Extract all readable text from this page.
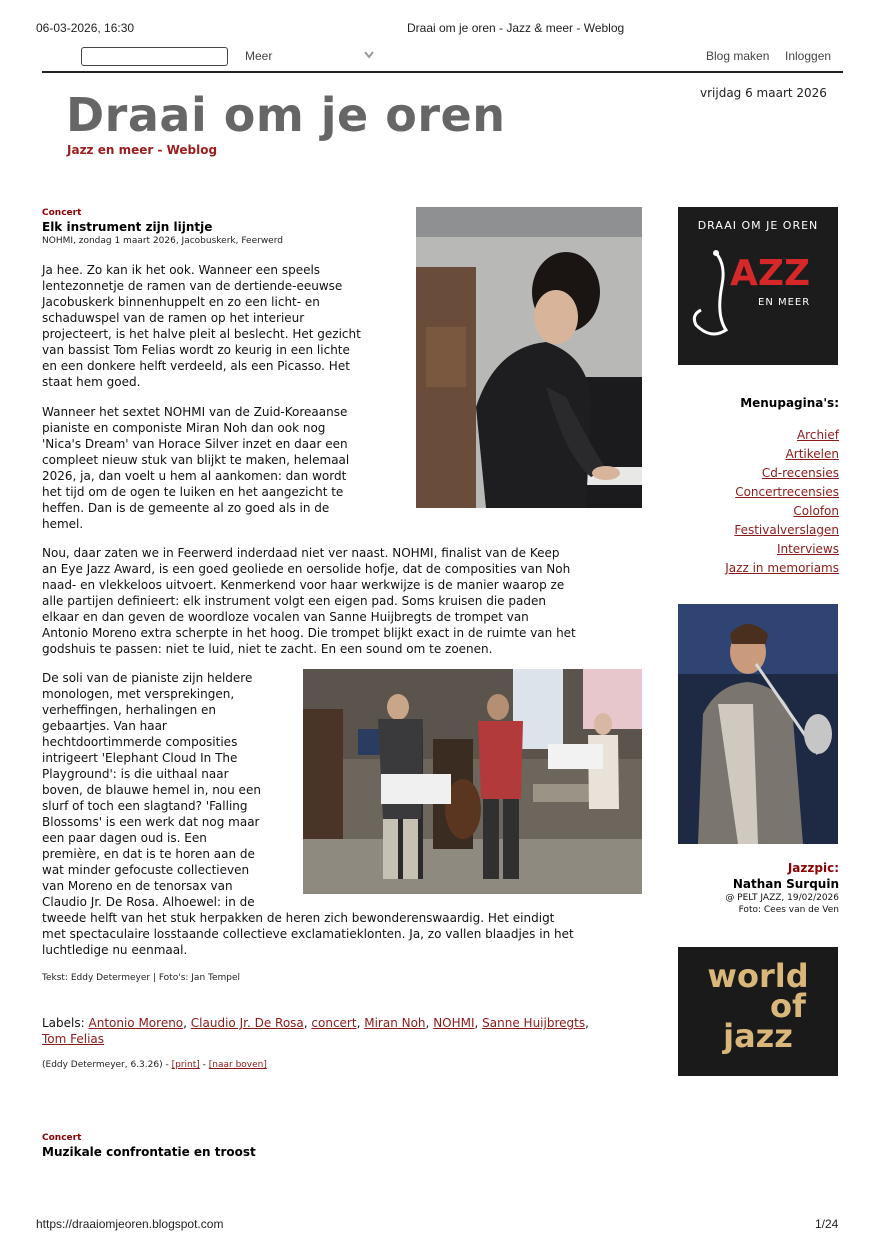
06-03-2026, 16:30	Draai om je oren - Jazz & meer - Weblog
Meer	Blog maken Inloggen
vrijdag 6 maart 2026
Draai om je oren
Jazz en meer - Weblog
Concert
Elk instrument zijn lijntje
NOHMI, zondag 1 maart 2026, Jacobuskerk, Feerwerd
Ja hee. Zo kan ik het ook. Wanneer een speels
lentezonnetje de ramen van de dertiende-eeuwse
Jacobuskerk binnenhuppelt en zo een licht- en
schaduwspel van de ramen op het interieur
projecteert, is het halve pleit al beslecht. Het gezicht
van bassist Tom Felias wordt zo keurig in een lichte
en een donkere helft verdeeld, als een Picasso. Het
staat hem goed.
Wanneer het sextet NOHMI van de Zuid-Koreaanse
pianiste en componiste Miran Noh dan ook nog
'Nica's Dream' van Horace Silver inzet en daar een
compleet nieuw stuk van blijkt te maken, helemaal
2026, ja, dan voelt u hem al aankomen: dan wordt
het tijd om de ogen te luiken en het aangezicht te
heffen. Dan is de gemeente al zo goed als in de
hemel.
Nou, daar zaten we in Feerwerd inderdaad niet ver naast. NOHMI, finalist van de Keep
an Eye Jazz Award, is een goed geoliede en oersolide hofje, dat de composities van Noh
naad- en vlekkeloos uitvoert. Kenmerkend voor haar werkwijze is de manier waarop ze
alle partijen definieert: elk instrument volgt een eigen pad. Soms kruisen die paden
elkaar en dan geven de woordloze vocalen van Sanne Huijbregts de trompet van
Antonio Moreno extra scherpte in het hoog. Die trompet blijkt exact in de ruimte van het
godshuis te passen: niet te luid, niet te zacht. En een sound om te zoenen.
De soli van de pianiste zijn heldere
monologen, met versprekingen,
verheffingen, herhalingen en
gebaartjes. Van haar
hechtdoortimmerde composities
intrigeert 'Elephant Cloud In The
Playground': is die uithaal naar
boven, de blauwe hemel in, nou een
slurf of toch een slagtand? 'Falling
Blossoms' is een werk dat nog maar
een paar dagen oud is. Een
première, en dat is te horen aan de
wat minder gefocuste collectieven
van Moreno en de tenorsax van
Claudio Jr. De Rosa. Alhoewel: in de
tweede helft van het stuk herpakken de heren zich bewonderenswaardig. Het eindigt
met spectaculaire losstaande collectieve exclamatieklonten. Ja, zo vallen blaadjes in het
luchtledige nu eenmaal.
Tekst: Eddy Determeyer | Foto's: Jan Tempel
Labels: Antonio Moreno, Claudio Jr. De Rosa, concert, Miran Noh, NOHMI, Sanne Huijbregts, Tom Felias
(Eddy Determeyer, 6.3.26) - [print] - [naar boven]
Concert
Muzikale confrontatie en troost
DRAAI OM JE OREN
AZZ
EN MEER
Menupagina's:
Archief
Artikelen
Cd-recensies
Concertrecensies
Colofon
Festivalverslagen
Interviews
Jazz in memoriams
Jazzpic:
Nathan Surquin
@ PELT JAZZ, 19/02/2026
Foto: Cees van de Ven
world
of
jazz
https://draaiomjeoren.blogspot.com	1/24
